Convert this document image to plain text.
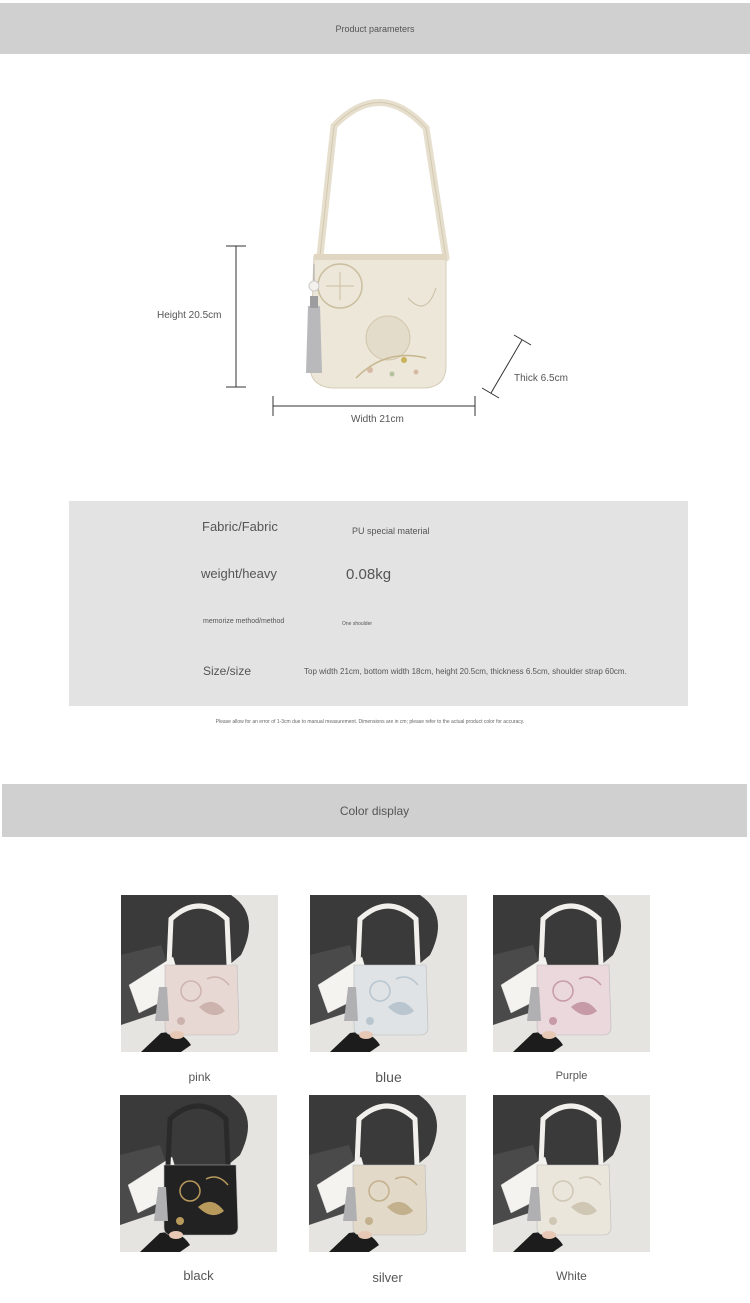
Product parameters
Height 20.5cm
Width 21cm
Thick 6.5cm
Fabric/Fabric	PU special material
weight/heavy	0.08kg
memorize method/method	One shoulder
Size/size	Top width 21cm, bottom width 18cm, height 20.5cm, thickness 6.5cm, shoulder strap 60cm.
Please allow for an error of 1-3cm due to manual measurement. Dimensions are in cm; please refer to the actual product color for accuracy.
Color display
pink	blue	Purple
black	silver	White
